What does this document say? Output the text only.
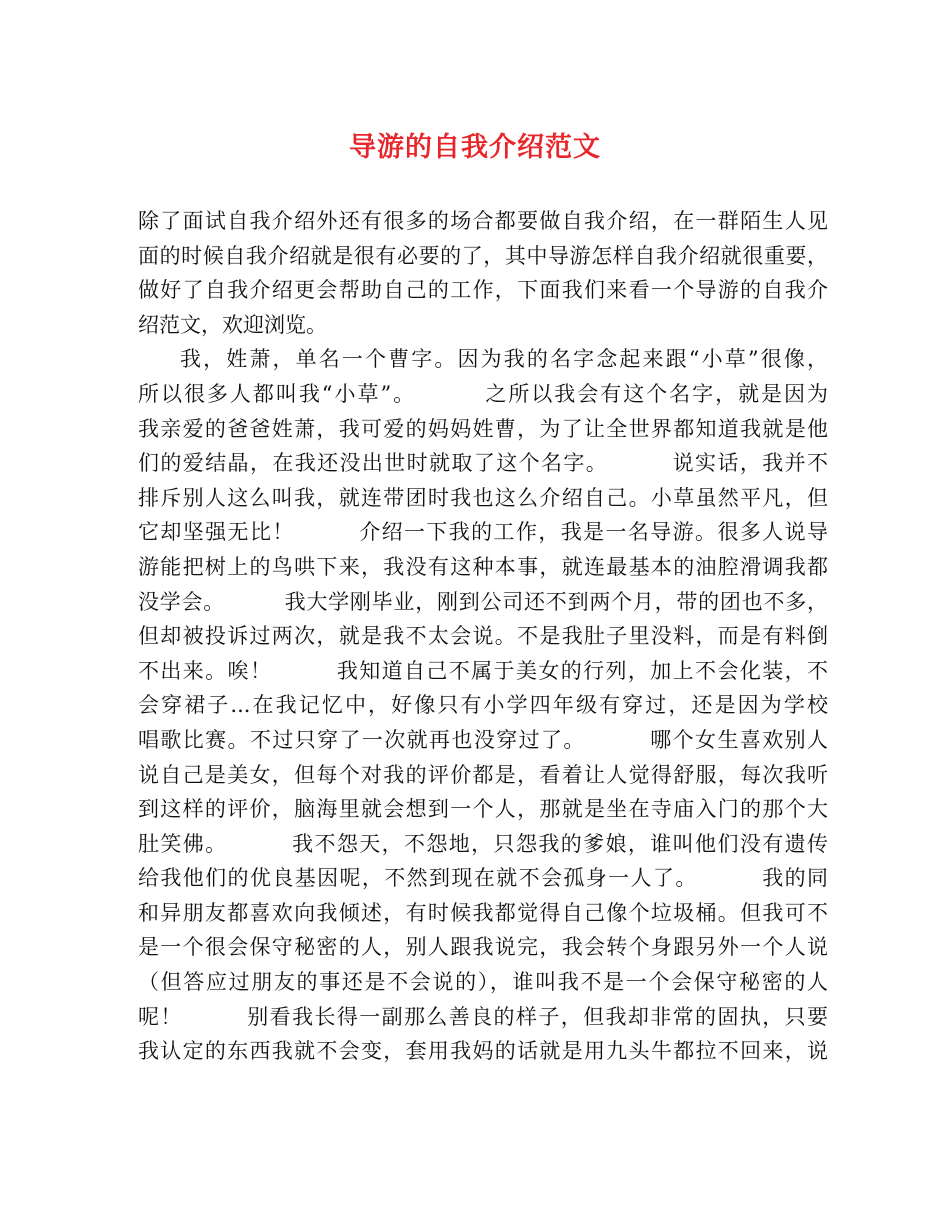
导游的自我介绍范文
除了面试自我介绍外还有很多的场合都要做自我介绍，在一群陌生人见
面的时候自我介绍就是很有必要的了，其中导游怎样自我介绍就很重要，
做好了自我介绍更会帮助自己的工作，下面我们来看一个导游的自我介
绍范文，欢迎浏览。
我，姓萧，单名一个曹字。因为我的名字念起来跟“小草”很像，
所以很多人都叫我“小草”。        之所以我会有这个名字，就是因为
我亲爱的爸爸姓萧，我可爱的妈妈姓曹，为了让全世界都知道我就是他
们的爱结晶，在我还没出世时就取了这个名字。        说实话，我并不
排斥别人这么叫我，就连带团时我也这么介绍自己。小草虽然平凡，但
它却坚强无比！        介绍一下我的工作，我是一名导游。很多人说导
游能把树上的鸟哄下来，我没有这种本事，就连最基本的油腔滑调我都
没学会。        我大学刚毕业，刚到公司还不到两个月，带的团也不多，
但却被投诉过两次，就是我不太会说。不是我肚子里没料，而是有料倒
不出来。唉！        我知道自己不属于美女的行列，加上不会化装，不
会穿裙子...在我记忆中，好像只有小学四年级有穿过，还是因为学校
唱歌比赛。不过只穿了一次就再也没穿过了。        哪个女生喜欢别人
说自己是美女，但每个对我的评价都是，看着让人觉得舒服，每次我听
到这样的评价，脑海里就会想到一个人，那就是坐在寺庙入门的那个大
肚笑佛。        我不怨天，不怨地，只怨我的爹娘，谁叫他们没有遗传
给我他们的优良基因呢，不然到现在就不会孤身一人了。        我的同
和异朋友都喜欢向我倾述，有时候我都觉得自己像个垃圾桶。但我可不
是一个很会保守秘密的人，别人跟我说完，我会转个身跟另外一个人说
（但答应过朋友的事还是不会说的），谁叫我不是一个会保守秘密的人
呢！        别看我长得一副那么善良的样子，但我却非常的固执，只要
我认定的东西我就不会变，套用我妈的话就是用九头牛都拉不回来，说
